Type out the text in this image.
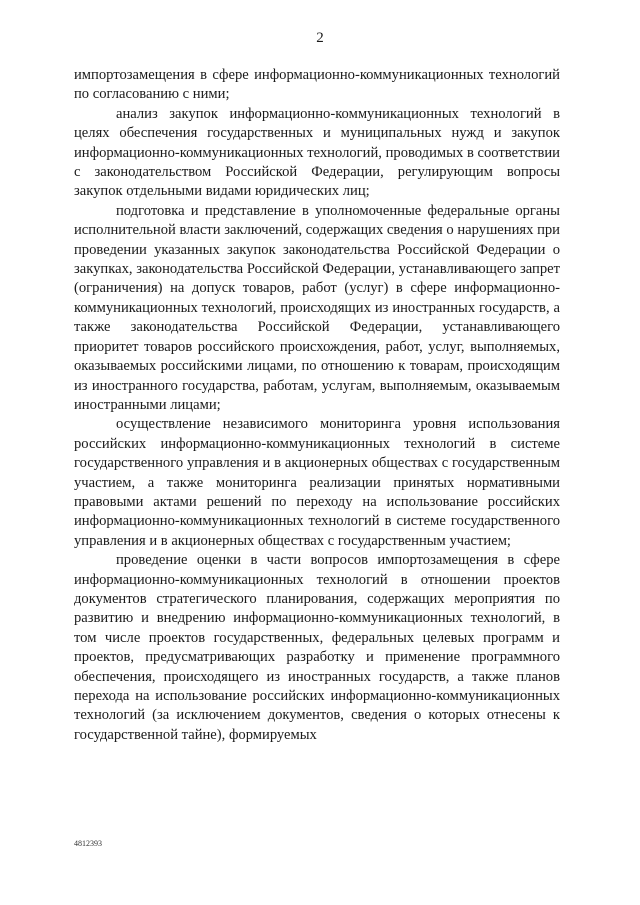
2

импортозамещения в сфере информационно-коммуникационных технологий по согласованию с ними;

анализ закупок информационно-коммуникационных технологий в целях обеспечения государственных и муниципальных нужд и закупок информационно-коммуникационных технологий, проводимых в соответствии с законодательством Российской Федерации, регулирующим вопросы закупок отдельными видами юридических лиц;

подготовка и представление в уполномоченные федеральные органы исполнительной власти заключений, содержащих сведения о нарушениях при проведении указанных закупок законодательства Российской Федерации о закупках, законодательства Российской Федерации, устанавливающего запрет (ограничения) на допуск товаров, работ (услуг) в сфере информационно-коммуникационных технологий, происходящих из иностранных государств, а также законодательства Российской Федерации, устанавливающего приоритет товаров российского происхождения, работ, услуг, выполняемых, оказываемых российскими лицами, по отношению к товарам, происходящим из иностранного государства, работам, услугам, выполняемым, оказываемым иностранными лицами;

осуществление независимого мониторинга уровня использования российских информационно-коммуникационных технологий в системе государственного управления и в акционерных обществах с государственным участием, а также мониторинга реализации принятых нормативными правовыми актами решений по переходу на использование российских информационно-коммуникационных технологий в системе государственного управления и в акционерных обществах с государственным участием;

проведение оценки в части вопросов импортозамещения в сфере информационно-коммуникационных технологий в отношении проектов документов стратегического планирования, содержащих мероприятия по развитию и внедрению информационно-коммуникационных технологий, в том числе проектов государственных, федеральных целевых программ и проектов, предусматривающих разработку и применение программного обеспечения, происходящего из иностранных государств, а также планов перехода на использование российских информационно-коммуникационных технологий (за исключением документов, сведения о которых отнесены к государственной тайне), формируемых

4812393
